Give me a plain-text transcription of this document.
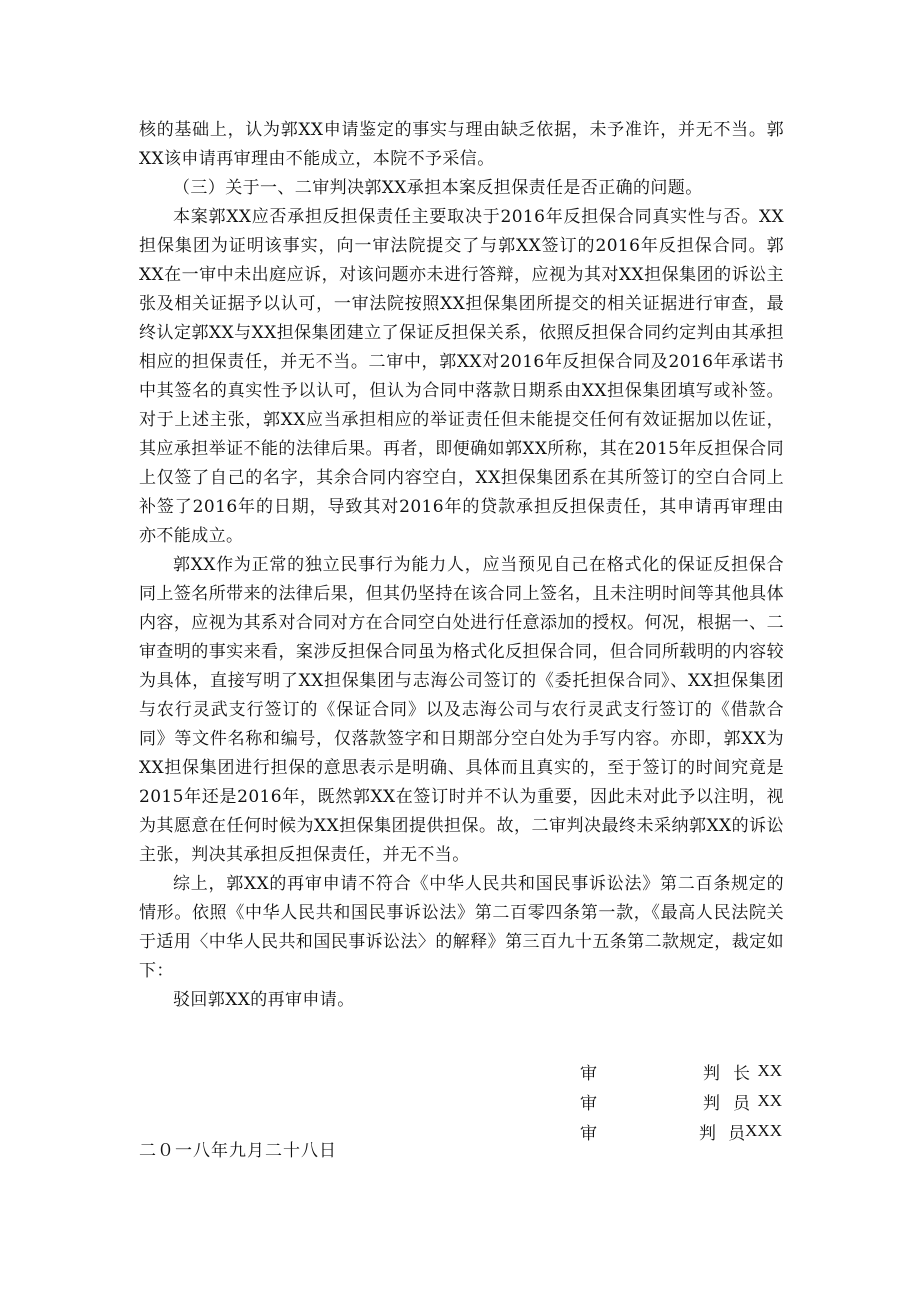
核的基础上，认为郭XX申请鉴定的事实与理由缺乏依据，未予准许，并无不当。郭XX该申请再审理由不能成立，本院不予采信。

（三）关于一、二审判决郭XX承担本案反担保责任是否正确的问题。

本案郭XX应否承担反担保责任主要取决于2016年反担保合同真实性与否。XX担保集团为证明该事实，向一审法院提交了与郭XX签订的2016年反担保合同。郭XX在一审中未出庭应诉，对该问题亦未进行答辩，应视为其对XX担保集团的诉讼主张及相关证据予以认可，一审法院按照XX担保集团所提交的相关证据进行审查，最终认定郭XX与XX担保集团建立了保证反担保关系，依照反担保合同约定判由其承担相应的担保责任，并无不当。二审中，郭XX对2016年反担保合同及2016年承诺书中其签名的真实性予以认可，但认为合同中落款日期系由XX担保集团填写或补签。对于上述主张，郭XX应当承担相应的举证责任但未能提交任何有效证据加以佐证，其应承担举证不能的法律后果。再者，即便确如郭XX所称，其在2015年反担保合同上仅签了自己的名字，其余合同内容空白，XX担保集团系在其所签订的空白合同上补签了2016年的日期，导致其对2016年的贷款承担反担保责任，其申请再审理由亦不能成立。

郭XX作为正常的独立民事行为能力人，应当预见自己在格式化的保证反担保合同上签名所带来的法律后果，但其仍坚持在该合同上签名，且未注明时间等其他具体内容，应视为其系对合同对方在合同空白处进行任意添加的授权。何况，根据一、二审查明的事实来看，案涉反担保合同虽为格式化反担保合同，但合同所载明的内容较为具体，直接写明了XX担保集团与志海公司签订的《委托担保合同》、XX担保集团与农行灵武支行签订的《保证合同》以及志海公司与农行灵武支行签订的《借款合同》等文件名称和编号，仅落款签字和日期部分空白处为手写内容。亦即，郭XX为XX担保集团进行担保的意思表示是明确、具体而且真实的，至于签订的时间究竟是2015年还是2016年，既然郭XX在签订时并不认为重要，因此未对此予以注明，视为其愿意在任何时候为XX担保集团提供担保。故，二审判决最终未采纳郭XX的诉讼主张，判决其承担反担保责任，并无不当。

综上，郭XX的再审申请不符合《中华人民共和国民事诉讼法》第二百条规定的情形。依照《中华人民共和国民事诉讼法》第二百零四条第一款，《最高人民法院关于适用〈中华人民共和国民事诉讼法〉的解释》第三百九十五条第二款规定，裁定如下：

驳回郭XX的再审申请。

审	判 长 XX
审	判 员 XX
审	判 员 XXX
二０一八年九月二十八日
